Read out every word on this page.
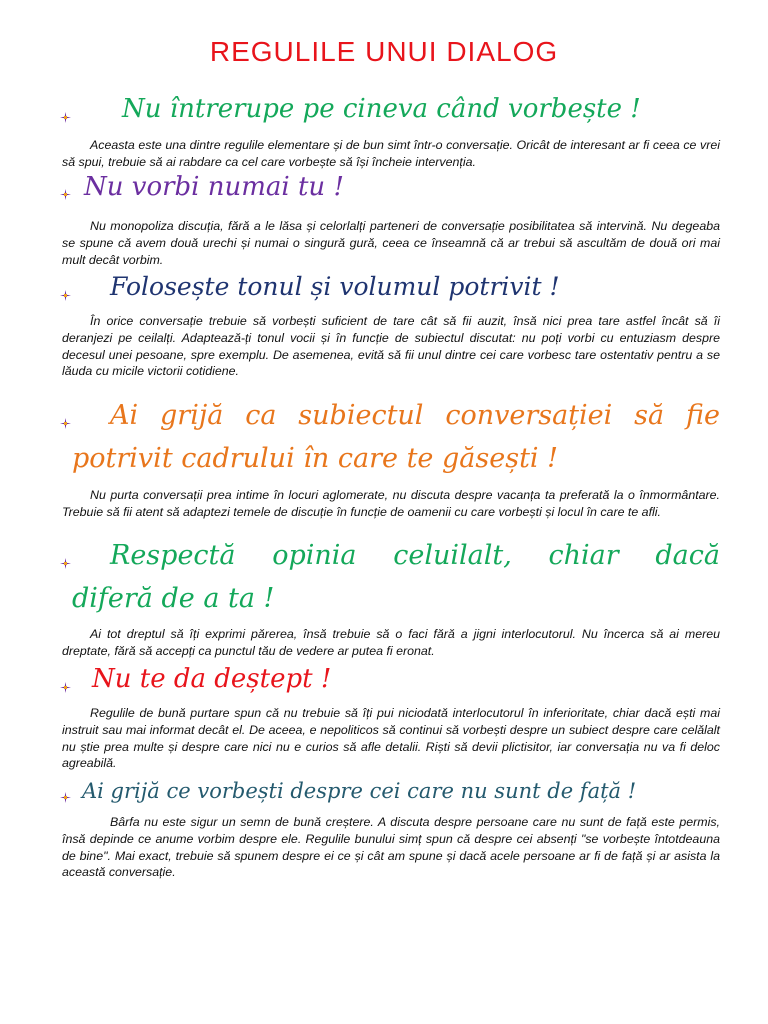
REGULILE UNUI DIALOG
Nu întrerupe pe cineva când vorbește !

Aceasta este una dintre regulile elementare și de bun simt într-o conversație. Oricât de interesant ar fi ceea ce vrei să spui, trebuie să ai rabdare ca cel care vorbește să își încheie intervenția.

Nu vorbi numai tu !

Nu monopoliza discuția, fără a le lăsa și celorlalți parteneri de conversație posibilitatea să intervină. Nu degeaba se spune că avem două urechi și numai o singură gură, ceea ce înseamnă că ar trebui să ascultăm de două ori mai mult decât vorbim.

Folosește tonul și volumul potrivit !

În orice conversație trebuie să vorbești suficient de tare cât să fii auzit, însă nici prea tare astfel încât să îi deranjezi pe ceilalți. Adaptează-ți tonul vocii și în funcție de subiectul discutat: nu poți vorbi cu entuziasm despre decesul unei pesoane, spre exemplu. De asemenea, evită să fii unul dintre cei care vorbesc tare ostentativ pentru a se lăuda cu micile victorii cotidiene.

Ai grijă ca subiectul conversației să fie
potrivit cadrului în care te găsești !

Nu purta conversații prea intime în locuri aglomerate, nu discuta despre vacanța ta preferată la o înmormântare. Trebuie să fii atent să adaptezi temele de discuție în funcție de oamenii cu care vorbești și locul în care te afli.

Respectă opinia celuilalt, chiar dacă
diferă de a ta !

Ai tot dreptul să îți exprimi părerea, însă trebuie să o faci fără a jigni interlocutorul. Nu încerca să ai mereu dreptate, fără să accepți ca punctul tău de vedere ar putea fi eronat.

Nu te da deștept !

Regulile de bună purtare spun că nu trebuie să îți pui niciodată interlocutorul în inferioritate, chiar dacă ești mai instruit sau mai informat decât el. De aceea, e nepoliticos să continui să vorbești despre un subiect despre care celălalt nu știe prea multe și despre care nici nu e curios să afle detalii. Riști să devii plictisitor, iar conversația nu va fi deloc agreabilă.

Ai grijă ce vorbești despre cei care nu sunt de față !

Bârfa nu este sigur un semn de bună creștere. A discuta despre persoane care nu sunt de față este permis, însă depinde ce anume vorbim despre ele. Regulile bunului simț spun că despre cei absenți "se vorbește întotdeauna de bine". Mai exact, trebuie să spunem despre ei ce și cât am spune și dacă acele persoane ar fi de față și ar asista la această conversație.
